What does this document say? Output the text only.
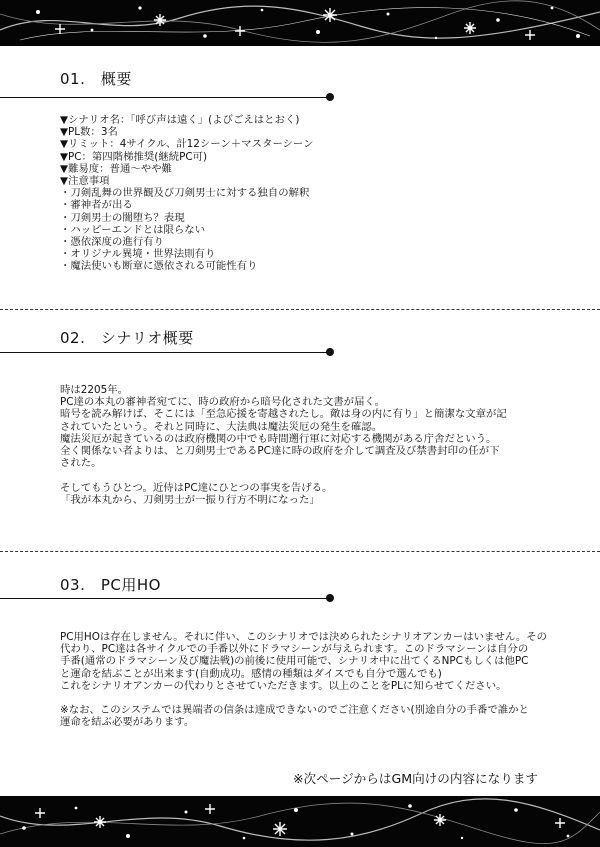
01.　概要
▼シナリオ名：「呼び声は遠く」(よびごえはとおく)
▼PL数：3名
▼リミット：4サイクル、計12シーン＋マスターシーン
▼PC：第四階梯推奨(継続PC可)
▼難易度：普通～やや難
▼注意事項
・刀剣乱舞の世界観及び刀剣男士に対する独自の解釈
・審神者が出る
・刀剣男士の闇堕ち？表現
・ハッピーエンドとは限らない
・憑依深度の進行有り
・オリジナル異境・世界法則有り
・魔法使いも断章に憑依される可能性有り
02.　シナリオ概要
時は2205年。
PC達の本丸の審神者宛てに、時の政府から暗号化された文書が届く。
暗号を読み解けば、そこには「至急応援を寄越されたし。敵は身の内に有り」と簡潔な文章が記
されていたという。それと同時に、大法典は魔法災厄の発生を確認。
魔法災厄が起きているのは政府機関の中でも時間遡行軍に対応する機関がある庁舎だという。
全く関係ない者よりは、と刀剣男士であるPC達に時の政府を介して調査及び禁書封印の任が下
された。
そしてもうひとつ。近侍はPC達にひとつの事実を告げる。
「我が本丸から、刀剣男士が一振り行方不明になった」
03.　PC用HO
PC用HOは存在しません。それに伴い、このシナリオでは決められたシナリオアンカーはいません。その
代わり、PC達は各サイクルでの手番以外にドラマシーンが与えられます。このドラマシーンは自分の
手番(通常のドラマシーン及び魔法戦)の前後に使用可能で、シナリオ中に出てくるNPCもしくは他PC
と運命を結ぶことが出来ます(自動成功。感情の種類はダイスでも自分で選んでも)
これをシナリオアンカーの代わりとさせていただきます。以上のことをPLに知らせてください。
※なお、このシステムでは異端者の信条は達成できないのでご注意ください(別途自分の手番で誰かと
運命を結ぶ必要があります。
※次ページからはGM向けの内容になります
